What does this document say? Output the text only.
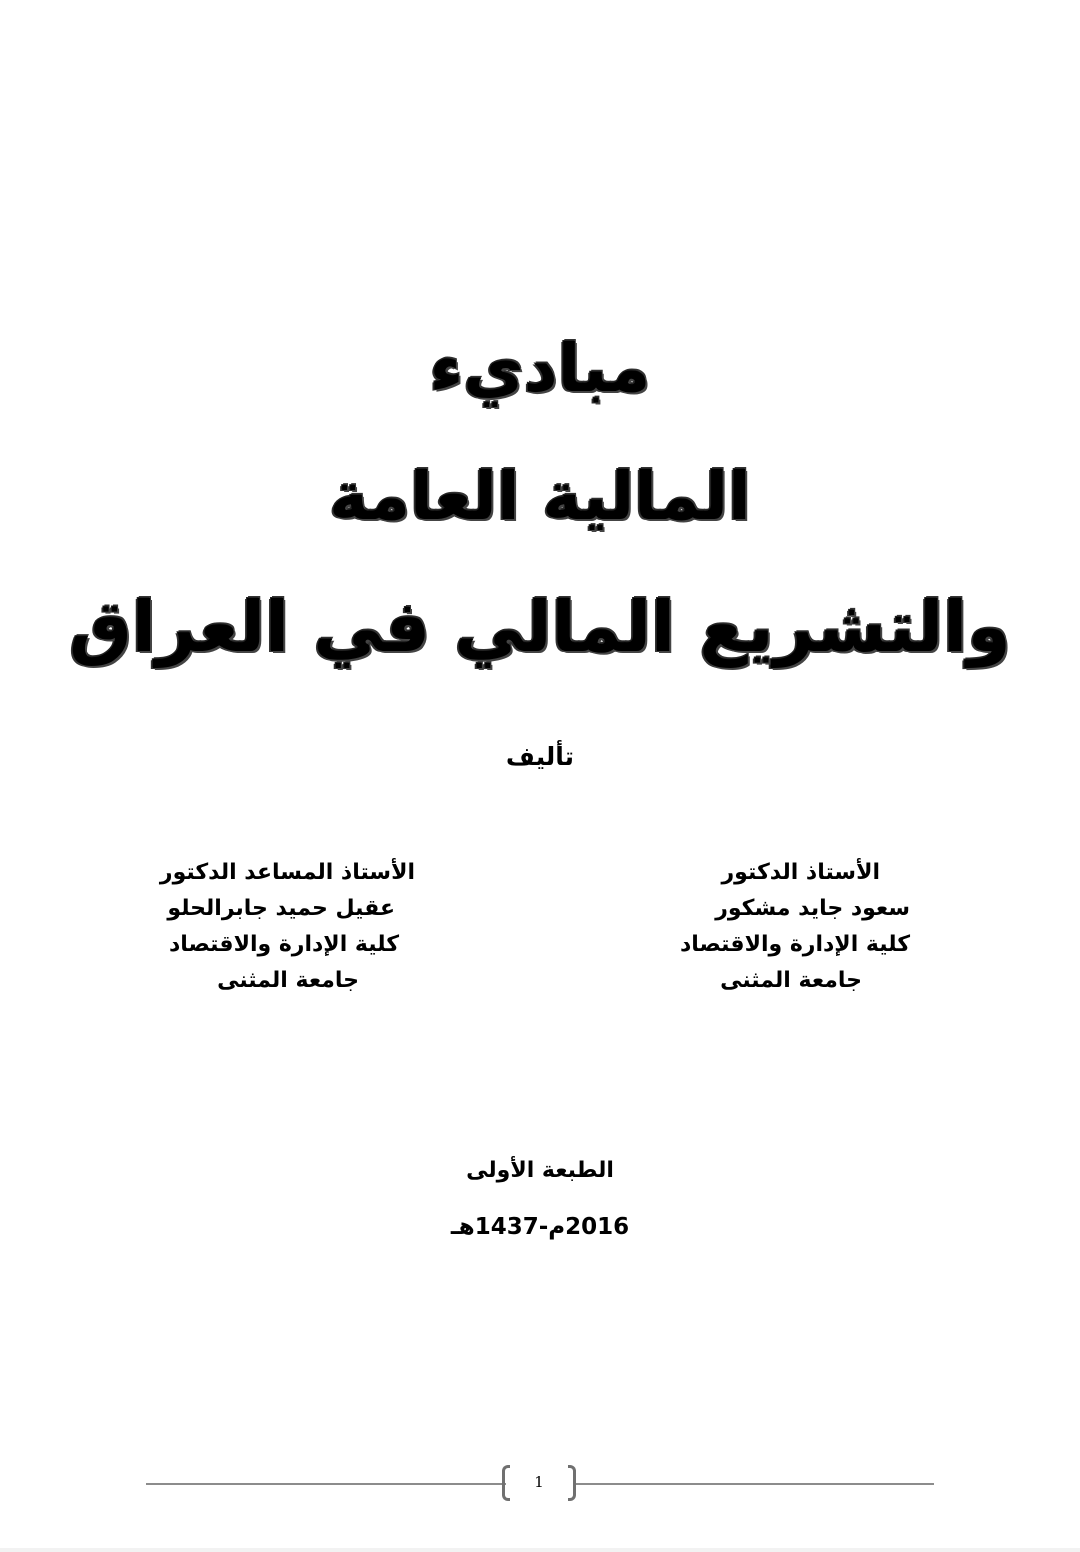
مباديء
المالية العامة
والتشريع المالي في العراق
تأليف
الأستاذ الدكتور
سعود جايد مشكور
كلية الإدارة والاقتصاد
جامعة المثنى
الأستاذ المساعد الدكتور
عقيل حميد جابرالحلو
كلية الإدارة والاقتصاد
جامعة المثنى
الطبعة الأولى
2016م-1437هـ
1
